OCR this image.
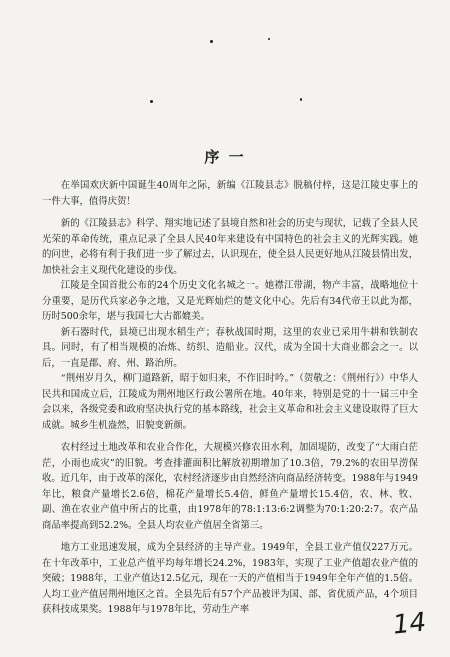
序 一

在举国欢庆新中国诞生40周年之际，新编《江陵县志》脱稿付梓，这是江陵史事上的一件大事，值得庆贺！

新的《江陵县志》科学、翔实地记述了县境自然和社会的历史与现状，记载了全县人民光荣的革命传统，重点记录了全县人民40年来建设有中国特色的社会主义的光辉实践。她的问世，必将有利于我们进一步了解过去，认识现在，使全县人民更好地从江陵县情出发，加快社会主义现代化建设的步伐。

江陵是全国首批公布的24个历史文化名城之一。她襟江带湖，物产丰富，战略地位十分重要，是历代兵家必争之地，又是光辉灿烂的楚文化中心。先后有34代帝王以此为都，历时500余年，堪与我国七大古都媲美。

新石器时代，县境已出现水稻生产；春秋战国时期，这里的农业已采用牛耕和铁制农具。同时，有了相当规模的冶炼、纺织、造船业。汉代，成为全国十大商业都会之一。以后，一直是郡、府、州、路治所。

“荆州岁月久，柳门道路新，昭于如归来，不作旧时吟。”（贺敬之：《荆州行》）中华人民共和国成立后，江陵成为荆州地区行政公署所在地。40年来，特别是党的十一届三中全会以来，各级党委和政府坚决执行党的基本路线，社会主义革命和社会主义建设取得了巨大成就。城乡生机盎然，旧貌变新颜。

农村经过土地改革和农业合作化，大规模兴修农田水利，加固堤防，改变了“大雨白茫茫，小雨也成灾”的旧貌。考查排灌面积比解放初期增加了10.3倍，79.2%的农田旱涝保收。近几年，由于改革的深化，农村经济逐步由自然经济向商品经济转变。1988年与1949年比，粮食产量增长2.6倍，棉花产量增长5.4倍，鲜鱼产量增长15.4倍，农、林、牧、副、渔在农业产值中所占的比重，由1978年的78:1:13:6:2调整为70:1:20:2:7。农产品商品率提高到52.2%。全县人均农业产值居全省第三。

地方工业迅速发展，成为全县经济的主导产业。1949年，全县工业产值仅227万元。在十年改革中，工业总产值平均每年增长24.2%，1983年，实现了工业产值超农业产值的突破；1988年，工业产值达12.5亿元，现在一天的产值相当于1949年全年产值的1.5倍。人均工业产值居荆州地区之首。全县先后有57个产品被评为国、部、省优质产品，4个项目获科技成果奖。1988年与1978年比，劳动生产率	14
